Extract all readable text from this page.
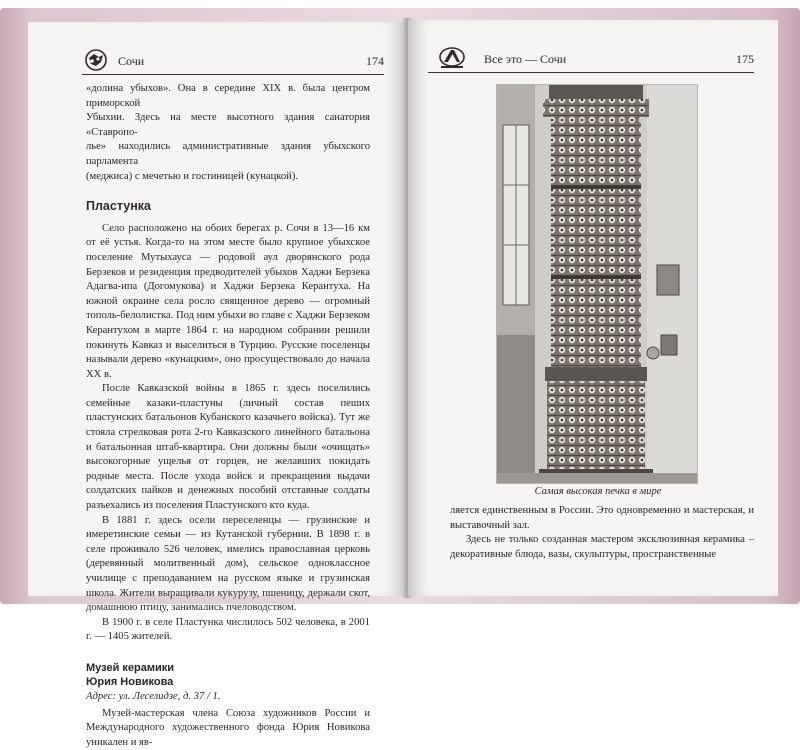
Сочи	174

«долина убыхов». Она в середине XIX в. была центром приморской

Убыхии. Здесь на месте высотного здания санатория «Ставропо-

лье» находились административные здания убыхского парламента

(меджиса) с мечетью и гостиницей (кунацкой).

Пластунка

Село расположено на обоих берегах р. Сочи в 13—16 км от её устья. Когда-то на этом месте было крупное убыхское поселение Мутыхауса — родовой аул дворянского рода Берзеков и резиденция предводителей убыхов Хаджи Берзека Адагва-ипа (Догомукова) и Хаджи Берзека Керантуха. На южной окраине села росло священное дерево — огромный тополь-белолистка. Под ним убыхи во главе с Хаджи Берзеком Керантухом в марте 1864 г. на народном собрании решили покинуть Кавказ и выселиться в Турцию. Русские поселенцы называли дерево «кунацким», оно просуществовало до начала XX в.

После Кавказской войны в 1865 г. здесь поселились семейные казаки-пластуны (личный состав пеших пластунских батальонов Кубанского казачьего войска). Тут же стояла стрелковая рота 2-го Кавказского линейного батальона и батальонная штаб-квартира. Они должны были «очищать» высокогорные ущелья от горцев, не желавших покидать родные места. После ухода войск и прекращения выдачи солдатских пайков и денежных пособий отставные солдаты разъехались из поселения Пластунского кто куда.

В 1881 г. здесь осели переселенцы — грузинские и имеретинские семьи — из Кутанской губернии. В 1898 г. в селе проживало 526 человек, имелись православная церковь (деревянный молитвенный дом), сельское одноклассное училище с преподаванием на русском языке и грузинская школа. Жители выращивали кукурузу, пшеницу, держали скот, домашнюю птицу, занимались пчеловодством.

В 1900 г. в селе Пластунка числилось 502 человека, в 2001 г. — 1405 жителей.

Музей керамики
Юрия Новикова

Адрес: ул. Леселидзе, д. 37 / 1.

Музей-мастерская члена Союза художников России и Международного художественного фонда Юрия Новикова уникален и яв-

Все это — Сочи	175
Самая высокая печка в мире

ляется единственным в России. Это одновременно и мастерская, и выставочный зал.

Здесь не только созданная мастером эксклюзивная керамика – декоративные блюда, вазы, скульптуры, пространственные
